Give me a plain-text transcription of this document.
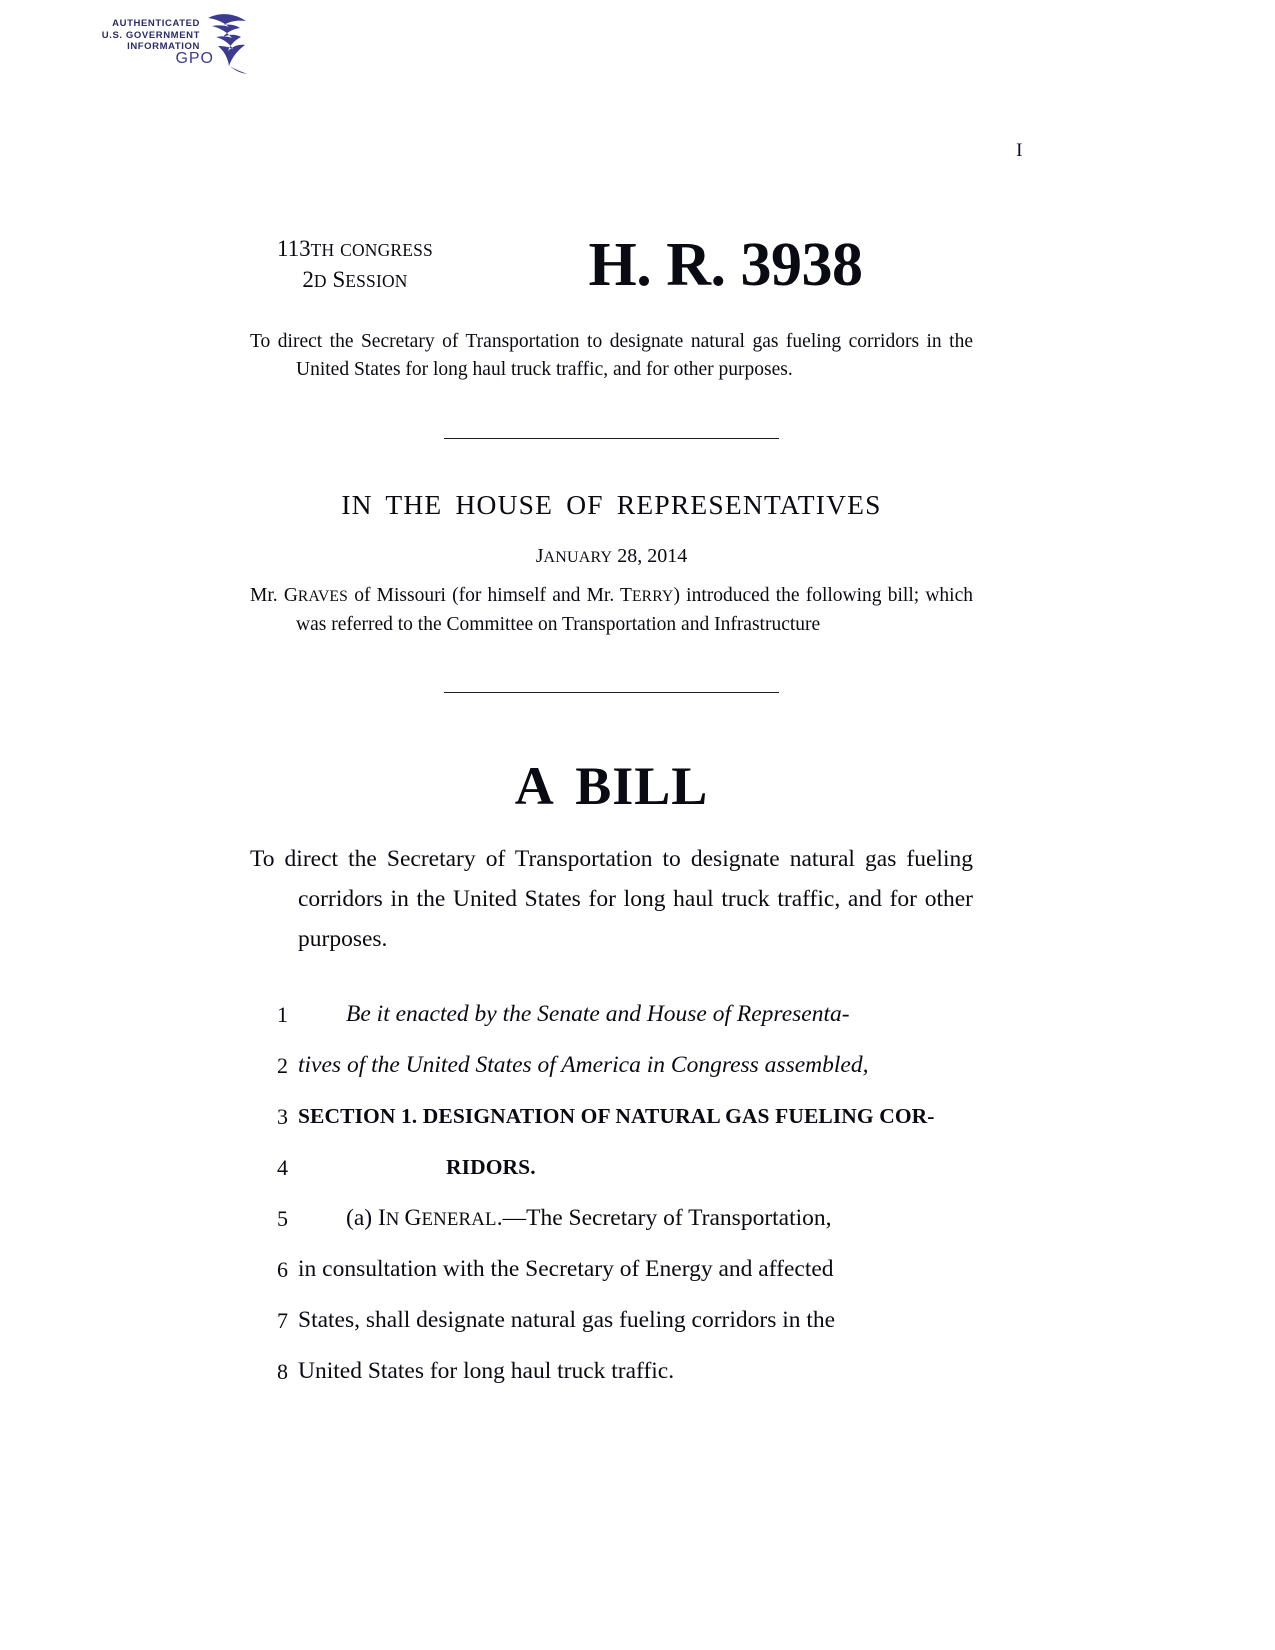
AUTHENTICATED
U.S. GOVERNMENT
INFORMATION
GPO
I
113TH CONGRESS
2D SESSION	H. R. 3938
To direct the Secretary of Transportation to designate natural gas fueling corridors in the United States for long haul truck traffic, and for other purposes.
IN THE HOUSE OF REPRESENTATIVES
JANUARY 28, 2014
Mr. GRAVES of Missouri (for himself and Mr. TERRY) introduced the following bill; which was referred to the Committee on Transportation and Infrastructure
A BILL
To direct the Secretary of Transportation to designate natural gas fueling corridors in the United States for long haul truck traffic, and for other purposes.
1 Be it enacted by the Senate and House of Representa-
2 tives of the United States of America in Congress assembled,
3 SECTION 1. DESIGNATION OF NATURAL GAS FUELING COR-
4	RIDORS.
5 (a) IN GENERAL.—The Secretary of Transportation,
6 in consultation with the Secretary of Energy and affected
7 States, shall designate natural gas fueling corridors in the
8 United States for long haul truck traffic.
